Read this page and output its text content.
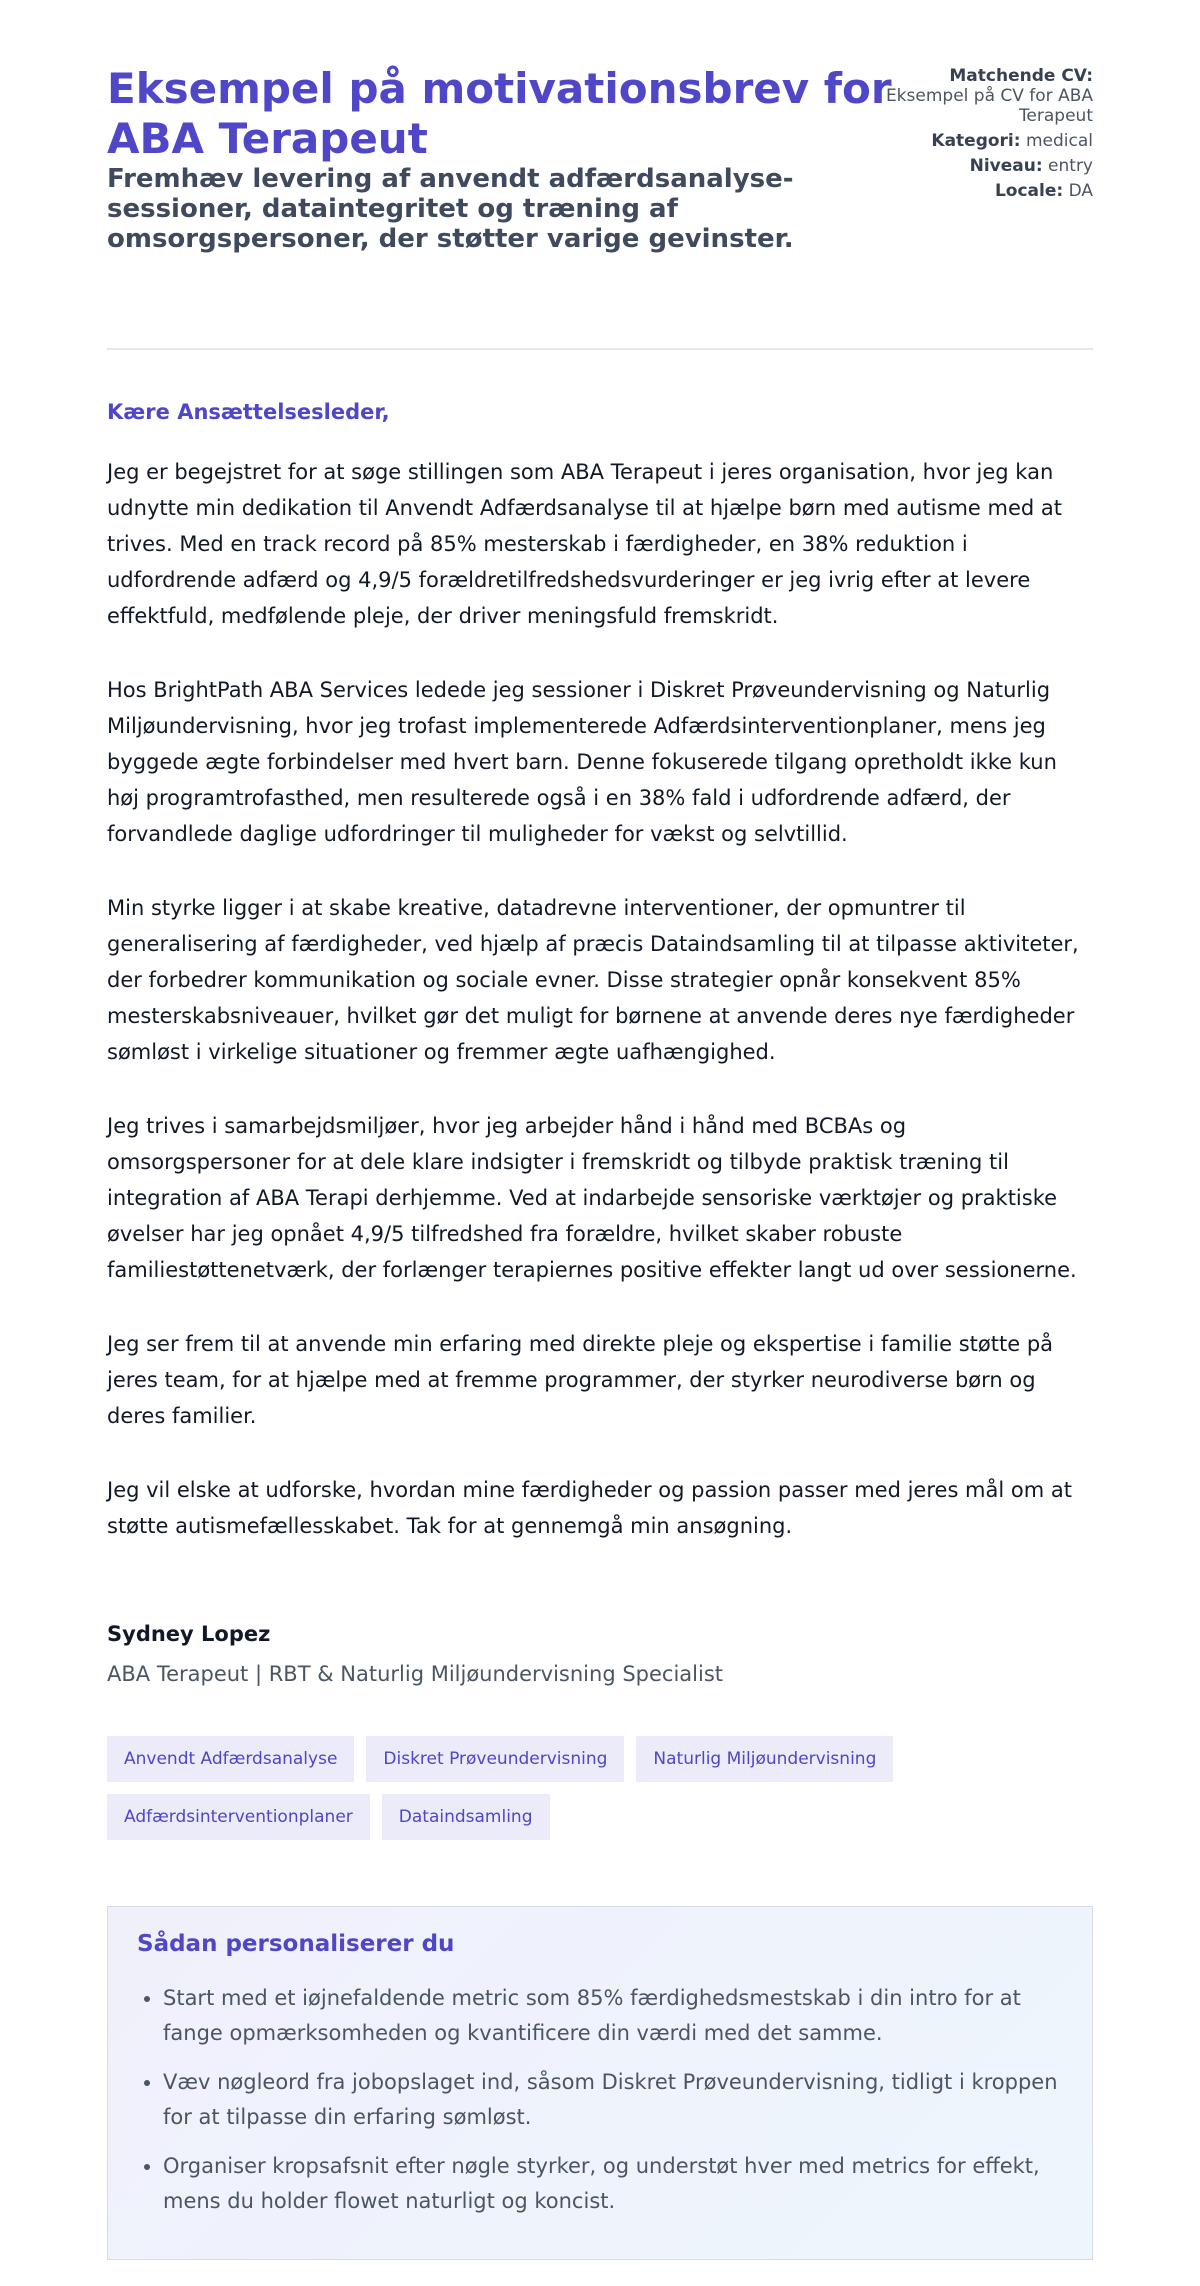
Eksempel på motivationsbrev for ABA Terapeut
Fremhæv levering af anvendt adfærdsanalyse-sessioner, dataintegritet og træning af omsorgspersoner, der støtter varige gevinster.
Matchende CV:
Eksempel på CV for ABA Terapeut
Kategori: medical
Niveau: entry
Locale: DA

Kære Ansættelsesleder,

Jeg er begejstret for at søge stillingen som ABA Terapeut i jeres organisation, hvor jeg kan udnytte min dedikation til Anvendt Adfærdsanalyse til at hjælpe børn med autisme med at trives. Med en track record på 85% mesterskab i færdigheder, en 38% reduktion i udfordrende adfærd og 4,9/5 forældretilfredshedsvurderinger er jeg ivrig efter at levere effektfuld, medfølende pleje, der driver meningsfuld fremskridt.

Hos BrightPath ABA Services ledede jeg sessioner i Diskret Prøveundervisning og Naturlig Miljøundervisning, hvor jeg trofast implementerede Adfærdsinterventionplaner, mens jeg byggede ægte forbindelser med hvert barn. Denne fokuserede tilgang opretholdt ikke kun høj programtrofasthed, men resulterede også i en 38% fald i udfordrende adfærd, der forvandlede daglige udfordringer til muligheder for vækst og selvtillid.

Min styrke ligger i at skabe kreative, datadrevne interventioner, der opmuntrer til generalisering af færdigheder, ved hjælp af præcis Dataindsamling til at tilpasse aktiviteter, der forbedrer kommunikation og sociale evner. Disse strategier opnår konsekvent 85% mesterskabsniveauer, hvilket gør det muligt for børnene at anvende deres nye færdigheder sømløst i virkelige situationer og fremmer ægte uafhængighed.

Jeg trives i samarbejdsmiljøer, hvor jeg arbejder hånd i hånd med BCBAs og omsorgspersoner for at dele klare indsigter i fremskridt og tilbyde praktisk træning til integration af ABA Terapi derhjemme. Ved at indarbejde sensoriske værktøjer og praktiske øvelser har jeg opnået 4,9/5 tilfredshed fra forældre, hvilket skaber robuste familiestøttenetværk, der forlænger terapiernes positive effekter langt ud over sessionerne.

Jeg ser frem til at anvende min erfaring med direkte pleje og ekspertise i familie støtte på jeres team, for at hjælpe med at fremme programmer, der styrker neurodiverse børn og deres familier.

Jeg vil elske at udforske, hvordan mine færdigheder og passion passer med jeres mål om at støtte autismefællesskabet. Tak for at gennemgå min ansøgning.

Sydney Lopez

ABA Terapeut | RBT & Naturlig Miljøundervisning Specialist

Anvendt Adfærdsanalyse	Diskret Prøveundervisning	Naturlig Miljøundervisning
Adfærdsinterventionplaner	Dataindsamling
Sådan personaliserer du
• Start med et iøjnefaldende metric som 85% færdighedsmestskab i din intro for at fange opmærksomheden og kvantificere din værdi med det samme.
• Væv nøgleord fra jobopslaget ind, såsom Diskret Prøveundervisning, tidligt i kroppen for at tilpasse din erfaring sømløst.
• Organiser kropsafsnit efter nøgle styrker, og understøt hver med metrics for effekt, mens du holder flowet naturligt og koncist.
